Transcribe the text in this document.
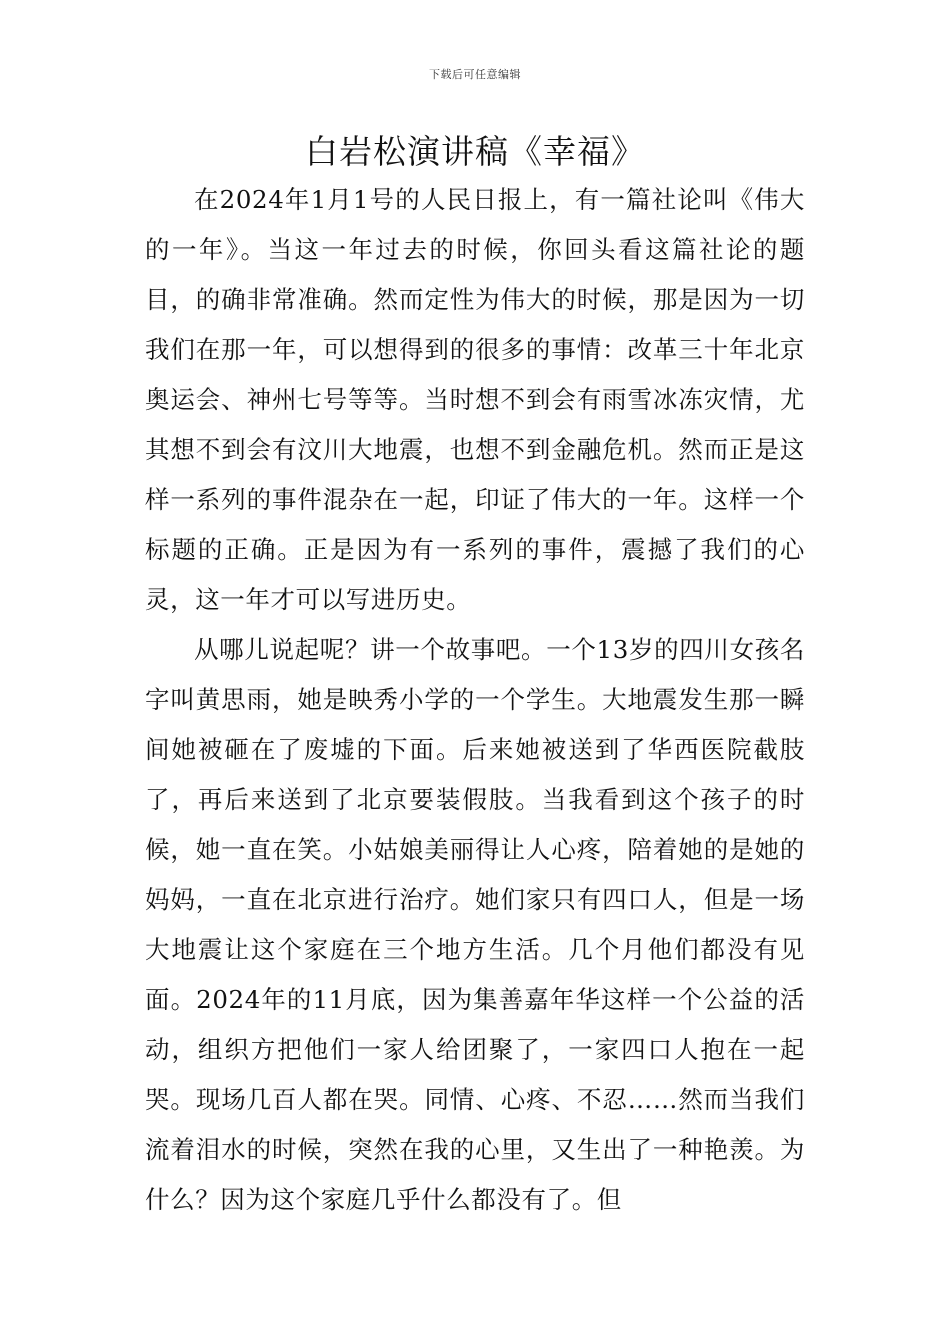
下载后可任意编辑
白岩松演讲稿《幸福》

在2024年1月1号的人民日报上，有一篇社论叫《伟大的一年》。当这一年过去的时候，你回头看这篇社论的题目，的确非常准确。然而定性为伟大的时候，那是因为一切我们在那一年，可以想得到的很多的事情：改革三十年北京奥运会、神州七号等等。当时想不到会有雨雪冰冻灾情，尤其想不到会有汶川大地震，也想不到金融危机。然而正是这样一系列的事件混杂在一起，印证了伟大的一年。这样一个标题的正确。正是因为有一系列的事件，震撼了我们的心灵，这一年才可以写进历史。

从哪儿说起呢？讲一个故事吧。一个13岁的四川女孩名字叫黄思雨，她是映秀小学的一个学生。大地震发生那一瞬间她被砸在了废墟的下面。后来她被送到了华西医院截肢了，再后来送到了北京要装假肢。当我看到这个孩子的时候，她一直在笑。小姑娘美丽得让人心疼，陪着她的是她的妈妈，一直在北京进行治疗。她们家只有四口人，但是一场大地震让这个家庭在三个地方生活。几个月他们都没有见面。2024年的11月底，因为集善嘉年华这样一个公益的活动，组织方把他们一家人给团聚了，一家四口人抱在一起哭。现场几百人都在哭。同情、心疼、不忍……然而当我们流着泪水的时候，突然在我的心里，又生出了一种艳羡。为什么？因为这个家庭几乎什么都没有了。但
